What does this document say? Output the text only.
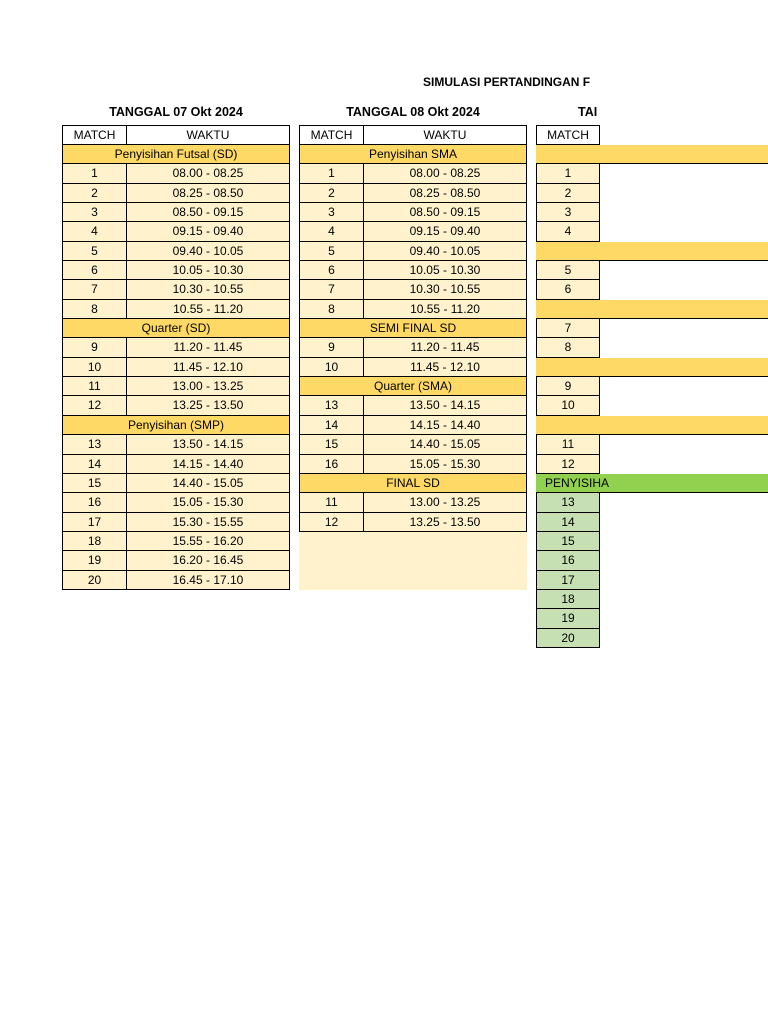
SIMULASI PERTANDINGAN F
TANGGAL 07 Okt 2024
MATCH	WAKTU
Penyisihan Futsal (SD)
1	08.00 - 08.25
2	08.25 - 08.50
3	08.50 - 09.15
4	09.15 - 09.40
5	09.40 - 10.05
6	10.05 - 10.30
7	10.30 - 10.55
8	10.55 - 11.20
Quarter (SD)
9	11.20 - 11.45
10	11.45 - 12.10
11	13.00 - 13.25
12	13.25 - 13.50
Penyisihan (SMP)
13	13.50 - 14.15
14	14.15 - 14.40
15	14.40 - 15.05
16	15.05 - 15.30
17	15.30 - 15.55
18	15.55 - 16.20
19	16.20 - 16.45
20	16.45 - 17.10
TANGGAL 08 Okt 2024
MATCH	WAKTU
Penyisihan SMA
1	08.00 - 08.25
2	08.25 - 08.50
3	08.50 - 09.15
4	09.15 - 09.40
5	09.40 - 10.05
6	10.05 - 10.30
7	10.30 - 10.55
8	10.55 - 11.20
SEMI FINAL SD
9	11.20 - 11.45
10	11.45 - 12.10
Quarter (SMA)
13	13.50 - 14.15
14	14.15 - 14.40
15	14.40 - 15.05
16	15.05 - 15.30
FINAL SD
11	13.00 - 13.25
12	13.25 - 13.50
TAI
MATCH
1
2
3
4
5
6
7
8
9
10
11
12
PENYISIHA
13
14
15
16
17
18
19
20
